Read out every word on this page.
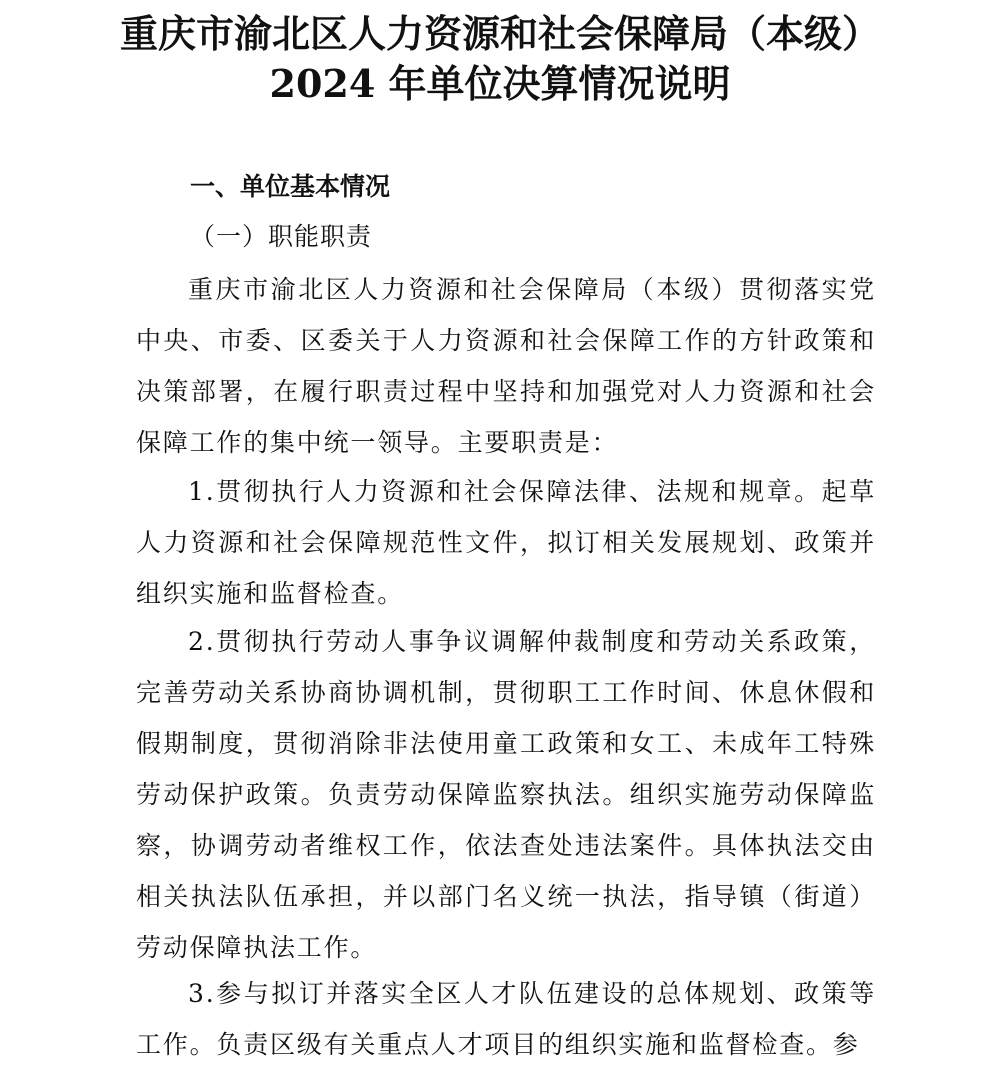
重庆市渝北区人力资源和社会保障局（本级）
2024 年单位决算情况说明
一、单位基本情况
（一）职能职责

重庆市渝北区人力资源和社会保障局（本级）贯彻落实党中央、市委、区委关于人力资源和社会保障工作的方针政策和决策部署，在履行职责过程中坚持和加强党对人力资源和社会保障工作的集中统一领导。主要职责是：

1.贯彻执行人力资源和社会保障法律、法规和规章。起草人力资源和社会保障规范性文件，拟订相关发展规划、政策并组织实施和监督检查。

2.贯彻执行劳动人事争议调解仲裁制度和劳动关系政策，完善劳动关系协商协调机制，贯彻职工工作时间、休息休假和假期制度，贯彻消除非法使用童工政策和女工、未成年工特殊劳动保护政策。负责劳动保障监察执法。组织实施劳动保障监察，协调劳动者维权工作，依法查处违法案件。具体执法交由相关执法队伍承担，并以部门名义统一执法，指导镇（街道）劳动保障执法工作。

3.参与拟订并落实全区人才队伍建设的总体规划、政策等工作。负责区级有关重点人才项目的组织实施和监督检查。参
